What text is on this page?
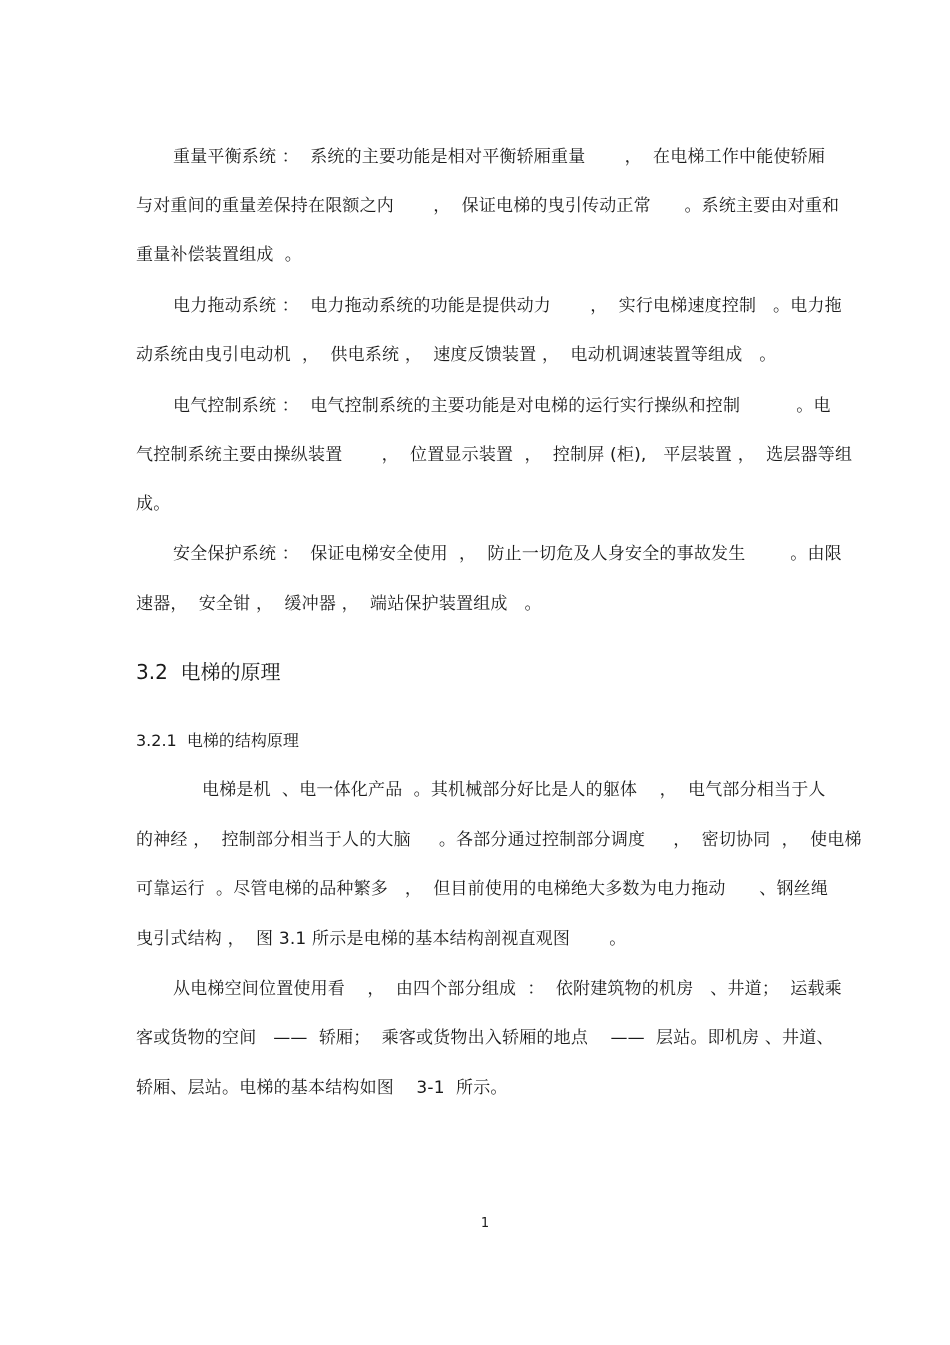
重量平衡系统 ：  系统的主要功能是相对平衡轿厢重量       ，  在电梯工作中能使轿厢
与对重间的重量差保持在限额之内       ，  保证电梯的曳引传动正常      。系统主要由对重和
重量补偿装置组成  。
电力拖动系统 ：  电力拖动系统的功能是提供动力       ，  实行电梯速度控制   。电力拖
动系统由曳引电动机  ，  供电系统 ，  速度反馈装置 ，  电动机调速装置等组成   。
电气控制系统 ：  电气控制系统的主要功能是对电梯的运行实行操纵和控制          。电
气控制系统主要由操纵装置       ，  位置显示装置  ，  控制屏 (柜),   平层装置 ，  选层器等组
成。
安全保护系统 ：  保证电梯安全使用  ，  防止一切危及人身安全的事故发生        。由限
速器，  安全钳 ，  缓冲器 ，  端站保护装置组成   。
3.2  电梯的原理
3.2.1  电梯的结构原理
电梯是机  、电一体化产品  。其机械部分好比是人的躯体    ，  电气部分相当于人
的神经 ，  控制部分相当于人的大脑     。各部分通过控制部分调度     ，  密切协同  ，  使电梯
可靠运行  。尽管电梯的品种繁多   ，  但目前使用的电梯绝大多数为电力拖动      、钢丝绳
曳引式结构 ，  图 3.1 所示是电梯的基本结构剖视直观图       。
从电梯空间位置使用看    ，  由四个部分组成  ：  依附建筑物的机房   、井道；  运载乘
客或货物的空间   ——  轿厢；  乘客或货物出入轿厢的地点    ——  层站。即机房 、井道、
轿厢、层站。电梯的基本结构如图    3-1  所示。
1
